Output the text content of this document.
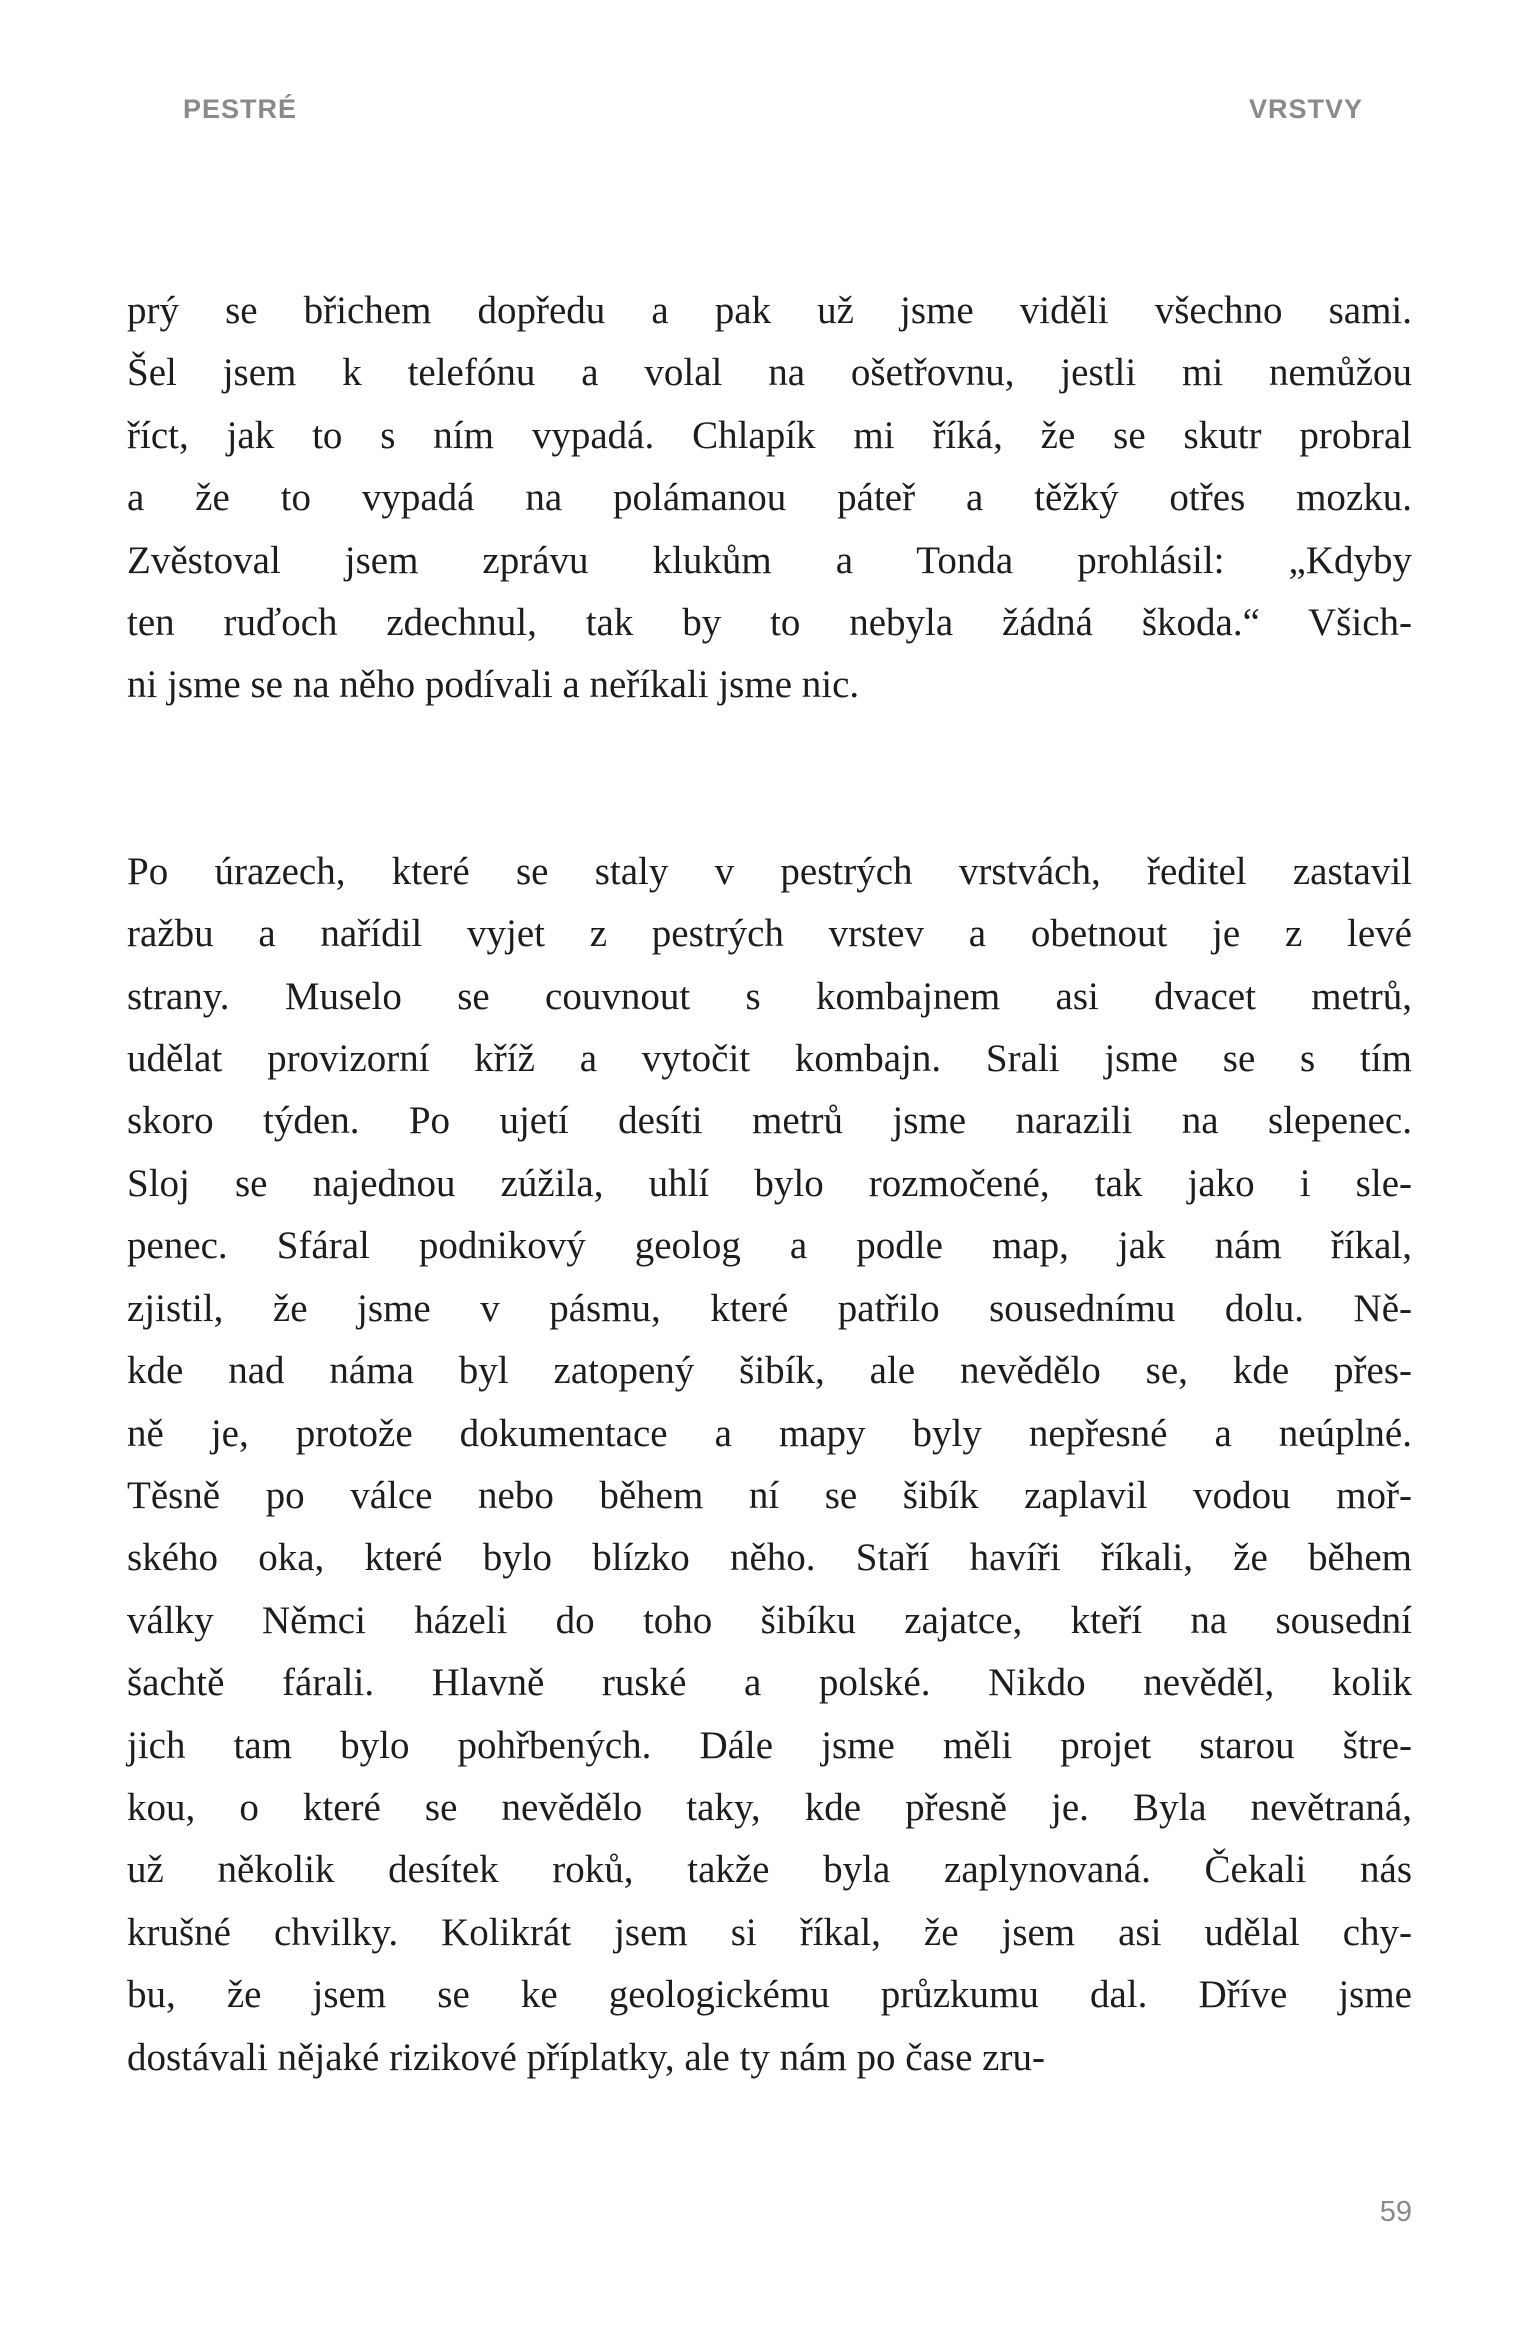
PESTRÉ	VRSTVY
prý se břichem dopředu a pak už jsme viděli všechno sami.
Šel jsem k telefónu a volal na ošetřovnu, jestli mi nemůžou
říct, jak to s ním vypadá. Chlapík mi říká, že se skutr probral
a že to vypadá na polámanou páteř a těžký otřes mozku.
Zvěstoval jsem zprávu klukům a Tonda prohlásil: „Kdyby
ten ruďoch zdechnul, tak by to nebyla žádná škoda.“ Všich-
ni jsme se na něho podívali a neříkali jsme nic.
Po úrazech, které se staly v pestrých vrstvách, ředitel zastavil
ražbu a nařídil vyjet z pestrých vrstev a obetnout je z levé
strany. Muselo se couvnout s kombajnem asi dvacet metrů,
udělat provizorní kříž a vytočit kombajn. Srali jsme se s tím
skoro týden. Po ujetí desíti metrů jsme narazili na slepenec.
Sloj se najednou zúžila, uhlí bylo rozmočené, tak jako i sle-
penec. Sfáral podnikový geolog a podle map, jak nám říkal,
zjistil, že jsme v pásmu, které patřilo sousednímu dolu. Ně-
kde nad náma byl zatopený šibík, ale nevědělo se, kde přes-
ně je, protože dokumentace a mapy byly nepřesné a neúplné.
Těsně po válce nebo během ní se šibík zaplavil vodou moř-
ského oka, které bylo blízko něho. Staří havíři říkali, že během
války Němci házeli do toho šibíku zajatce, kteří na sousední
šachtě fárali. Hlavně ruské a polské. Nikdo nevěděl, kolik
jich tam bylo pohřbených. Dále jsme měli projet starou štre-
kou, o které se nevědělo taky, kde přesně je. Byla nevětraná,
už několik desítek roků, takže byla zaplynovaná. Čekali nás
krušné chvilky. Kolikrát jsem si říkal, že jsem asi udělal chy-
bu, že jsem se ke geologickému průzkumu dal. Dříve jsme
dostávali nějaké rizikové příplatky, ale ty nám po čase zru-
59
